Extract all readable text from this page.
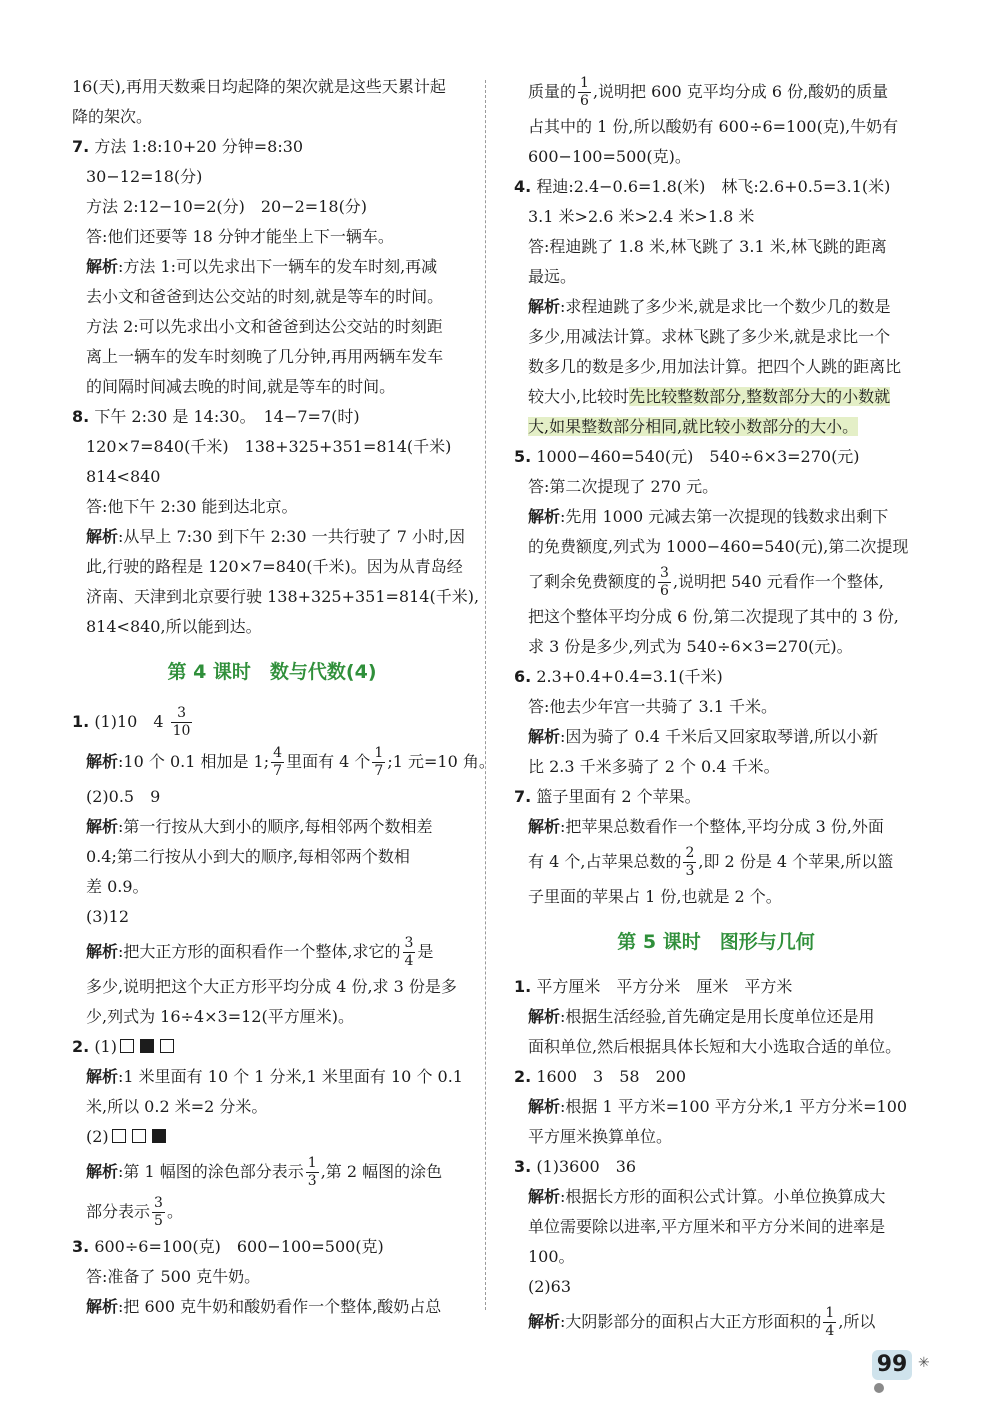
16(天),再用天数乘日均起降的架次就是这些天累计起
降的架次。
7. 方法 1:8:10+20 分钟=8:30
30−12=18(分)
方法 2:12−10=2(分)　20−2=18(分)
答:他们还要等 18 分钟才能坐上下一辆车。
解析:方法 1:可以先求出下一辆车的发车时刻,再减
去小文和爸爸到达公交站的时刻,就是等车的时间。
方法 2:可以先求出小文和爸爸到达公交站的时刻距
离上一辆车的发车时刻晚了几分钟,再用两辆车发车
的间隔时间减去晚的时间,就是等车的时间。
8. 下午 2:30 是 14:30。　14−7=7(时)
120×7=840(千米)　138+325+351=814(千米)
814<840
答:他下午 2:30 能到达北京。
解析:从早上 7:30 到下午 2:30 一共行驶了 7 小时,因
此,行驶的路程是 120×7=840(千米)。因为从青岛经
济南、天津到北京要行驶 138+325+351=814(千米),
814<840,所以能到达。
第 4 课时　数与代数(4)
1. (1)10　$4 \frac{3}{10}$
解析:10 个 0.1 相加是 1; $\frac{4}{7}$ 里面有 4 个 $\frac{1}{7}$ ;1 元=10 角。
(2)0.5　9
解析:第一行按从大到小的顺序,每相邻两个数相差
0.4;第二行按从小到大的顺序,每相邻两个数相
差 0.9。
(3)12
解析:把大正方形的面积看作一个整体,求它的 $\frac{3}{4}$ 是
多少,说明把这个大正方形平均分成 4 份,求 3 份是多
少,列式为 16÷4×3=12(平方厘米)。
2. (1)
解析:1 米里面有 10 个 1 分米,1 米里面有 10 个 0.1
米,所以 0.2 米=2 分米。
(2)
解析:第 1 幅图的涂色部分表示 $\frac{1}{3}$ ,第 2 幅图的涂色
部分表示 $\frac{3}{5}$ 。
3. 600÷6=100(克)　600−100=500(克)
答:准备了 500 克牛奶。
解析:把 600 克牛奶和酸奶看作一个整体,酸奶占总
质量的 $\frac{1}{6}$ ,说明把 600 克平均分成 6 份,酸奶的质量
占其中的 1 份,所以酸奶有 600÷6=100(克),牛奶有
600−100=500(克)。
4. 程迪:2.4−0.6=1.8(米)　林飞:2.6+0.5=3.1(米)
3.1 米>2.6 米>2.4 米>1.8 米
答:程迪跳了 1.8 米,林飞跳了 3.1 米,林飞跳的距离
最远。
解析:求程迪跳了多少米,就是求比一个数少几的数是
多少,用减法计算。求林飞跳了多少米,就是求比一个
数多几的数是多少,用加法计算。把四个人跳的距离比
较大小,比较时先比较整数部分,整数部分大的小数就
大,如果整数部分相同,就比较小数部分的大小。
5. 1000−460=540(元)　540÷6×3=270(元)
答:第二次提现了 270 元。
解析:先用 1000 元减去第一次提现的钱数求出剩下
的免费额度,列式为 1000−460=540(元),第二次提现
了剩余免费额度的 $\frac{3}{6}$ ,说明把 540 元看作一个整体,
把这个整体平均分成 6 份,第二次提现了其中的 3 份,
求 3 份是多少,列式为 540÷6×3=270(元)。
6. 2.3+0.4+0.4=3.1(千米)
答:他去少年宫一共骑了 3.1 千米。
解析:因为骑了 0.4 千米后又回家取琴谱,所以小新
比 2.3 千米多骑了 2 个 0.4 千米。
7. 篮子里面有 2 个苹果。
解析:把苹果总数看作一个整体,平均分成 3 份,外面
有 4 个,占苹果总数的 $\frac{2}{3}$ ,即 2 份是 4 个苹果,所以篮
子里面的苹果占 1 份,也就是 2 个。
第 5 课时　图形与几何
1. 平方厘米　平方分米　厘米　平方米
解析:根据生活经验,首先确定是用长度单位还是用
面积单位,然后根据具体长短和大小选取合适的单位。
2. 1600　3　58　200
解析:根据 1 平方米=100 平方分米,1 平方分米=100
平方厘米换算单位。
3. (1)3600　36
解析:根据长方形的面积公式计算。小单位换算成大
单位需要除以进率,平方厘米和平方分米间的进率是
100。
(2)63
解析:大阴影部分的面积占大正方形面积的 $\frac{1}{4}$ ,所以
99 ✳
